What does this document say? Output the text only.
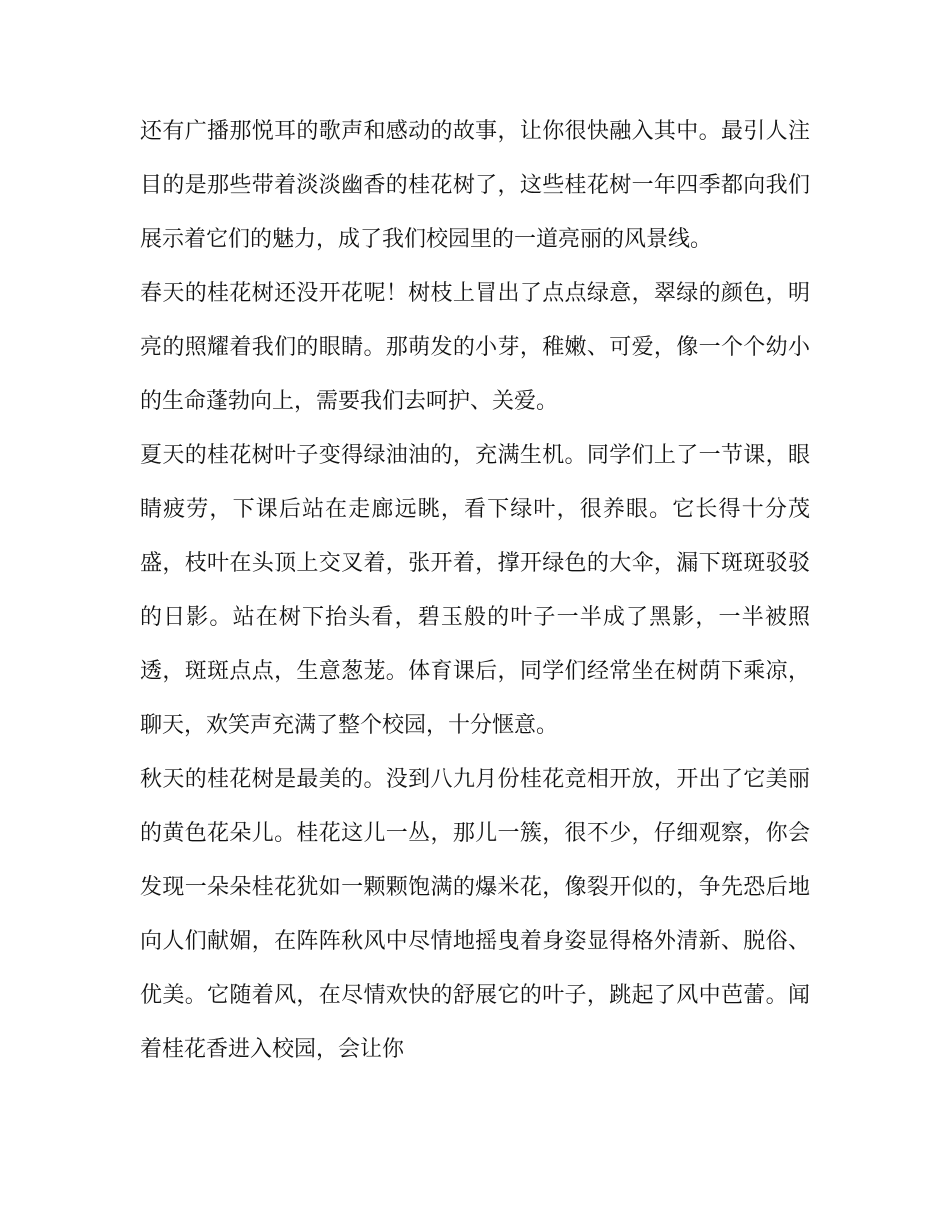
还有广播那悦耳的歌声和感动的故事，让你很快融入其中。最引人注目的是那些带着淡淡幽香的桂花树了，这些桂花树一年四季都向我们展示着它们的魅力，成了我们校园里的一道亮丽的风景线。

春天的桂花树还没开花呢！树枝上冒出了点点绿意，翠绿的颜色，明亮的照耀着我们的眼睛。那萌发的小芽，稚嫩、可爱，像一个个幼小的生命蓬勃向上，需要我们去呵护、关爱。

夏天的桂花树叶子变得绿油油的，充满生机。同学们上了一节课，眼睛疲劳，下课后站在走廊远眺，看下绿叶，很养眼。它长得十分茂盛，枝叶在头顶上交叉着，张开着，撑开绿色的大伞，漏下斑斑驳驳的日影。站在树下抬头看，碧玉般的叶子一半成了黑影，一半被照透，斑斑点点，生意葱茏。体育课后，同学们经常坐在树荫下乘凉，聊天，欢笑声充满了整个校园，十分惬意。

秋天的桂花树是最美的。没到八九月份桂花竞相开放，开出了它美丽的黄色花朵儿。桂花这儿一丛，那儿一簇，很不少，仔细观察，你会发现一朵朵桂花犹如一颗颗饱满的爆米花，像裂开似的，争先恐后地向人们献媚，在阵阵秋风中尽情地摇曳着身姿显得格外清新、脱俗、优美。它随着风，在尽情欢快的舒展它的叶子，跳起了风中芭蕾。闻着桂花香进入校园，会让你
